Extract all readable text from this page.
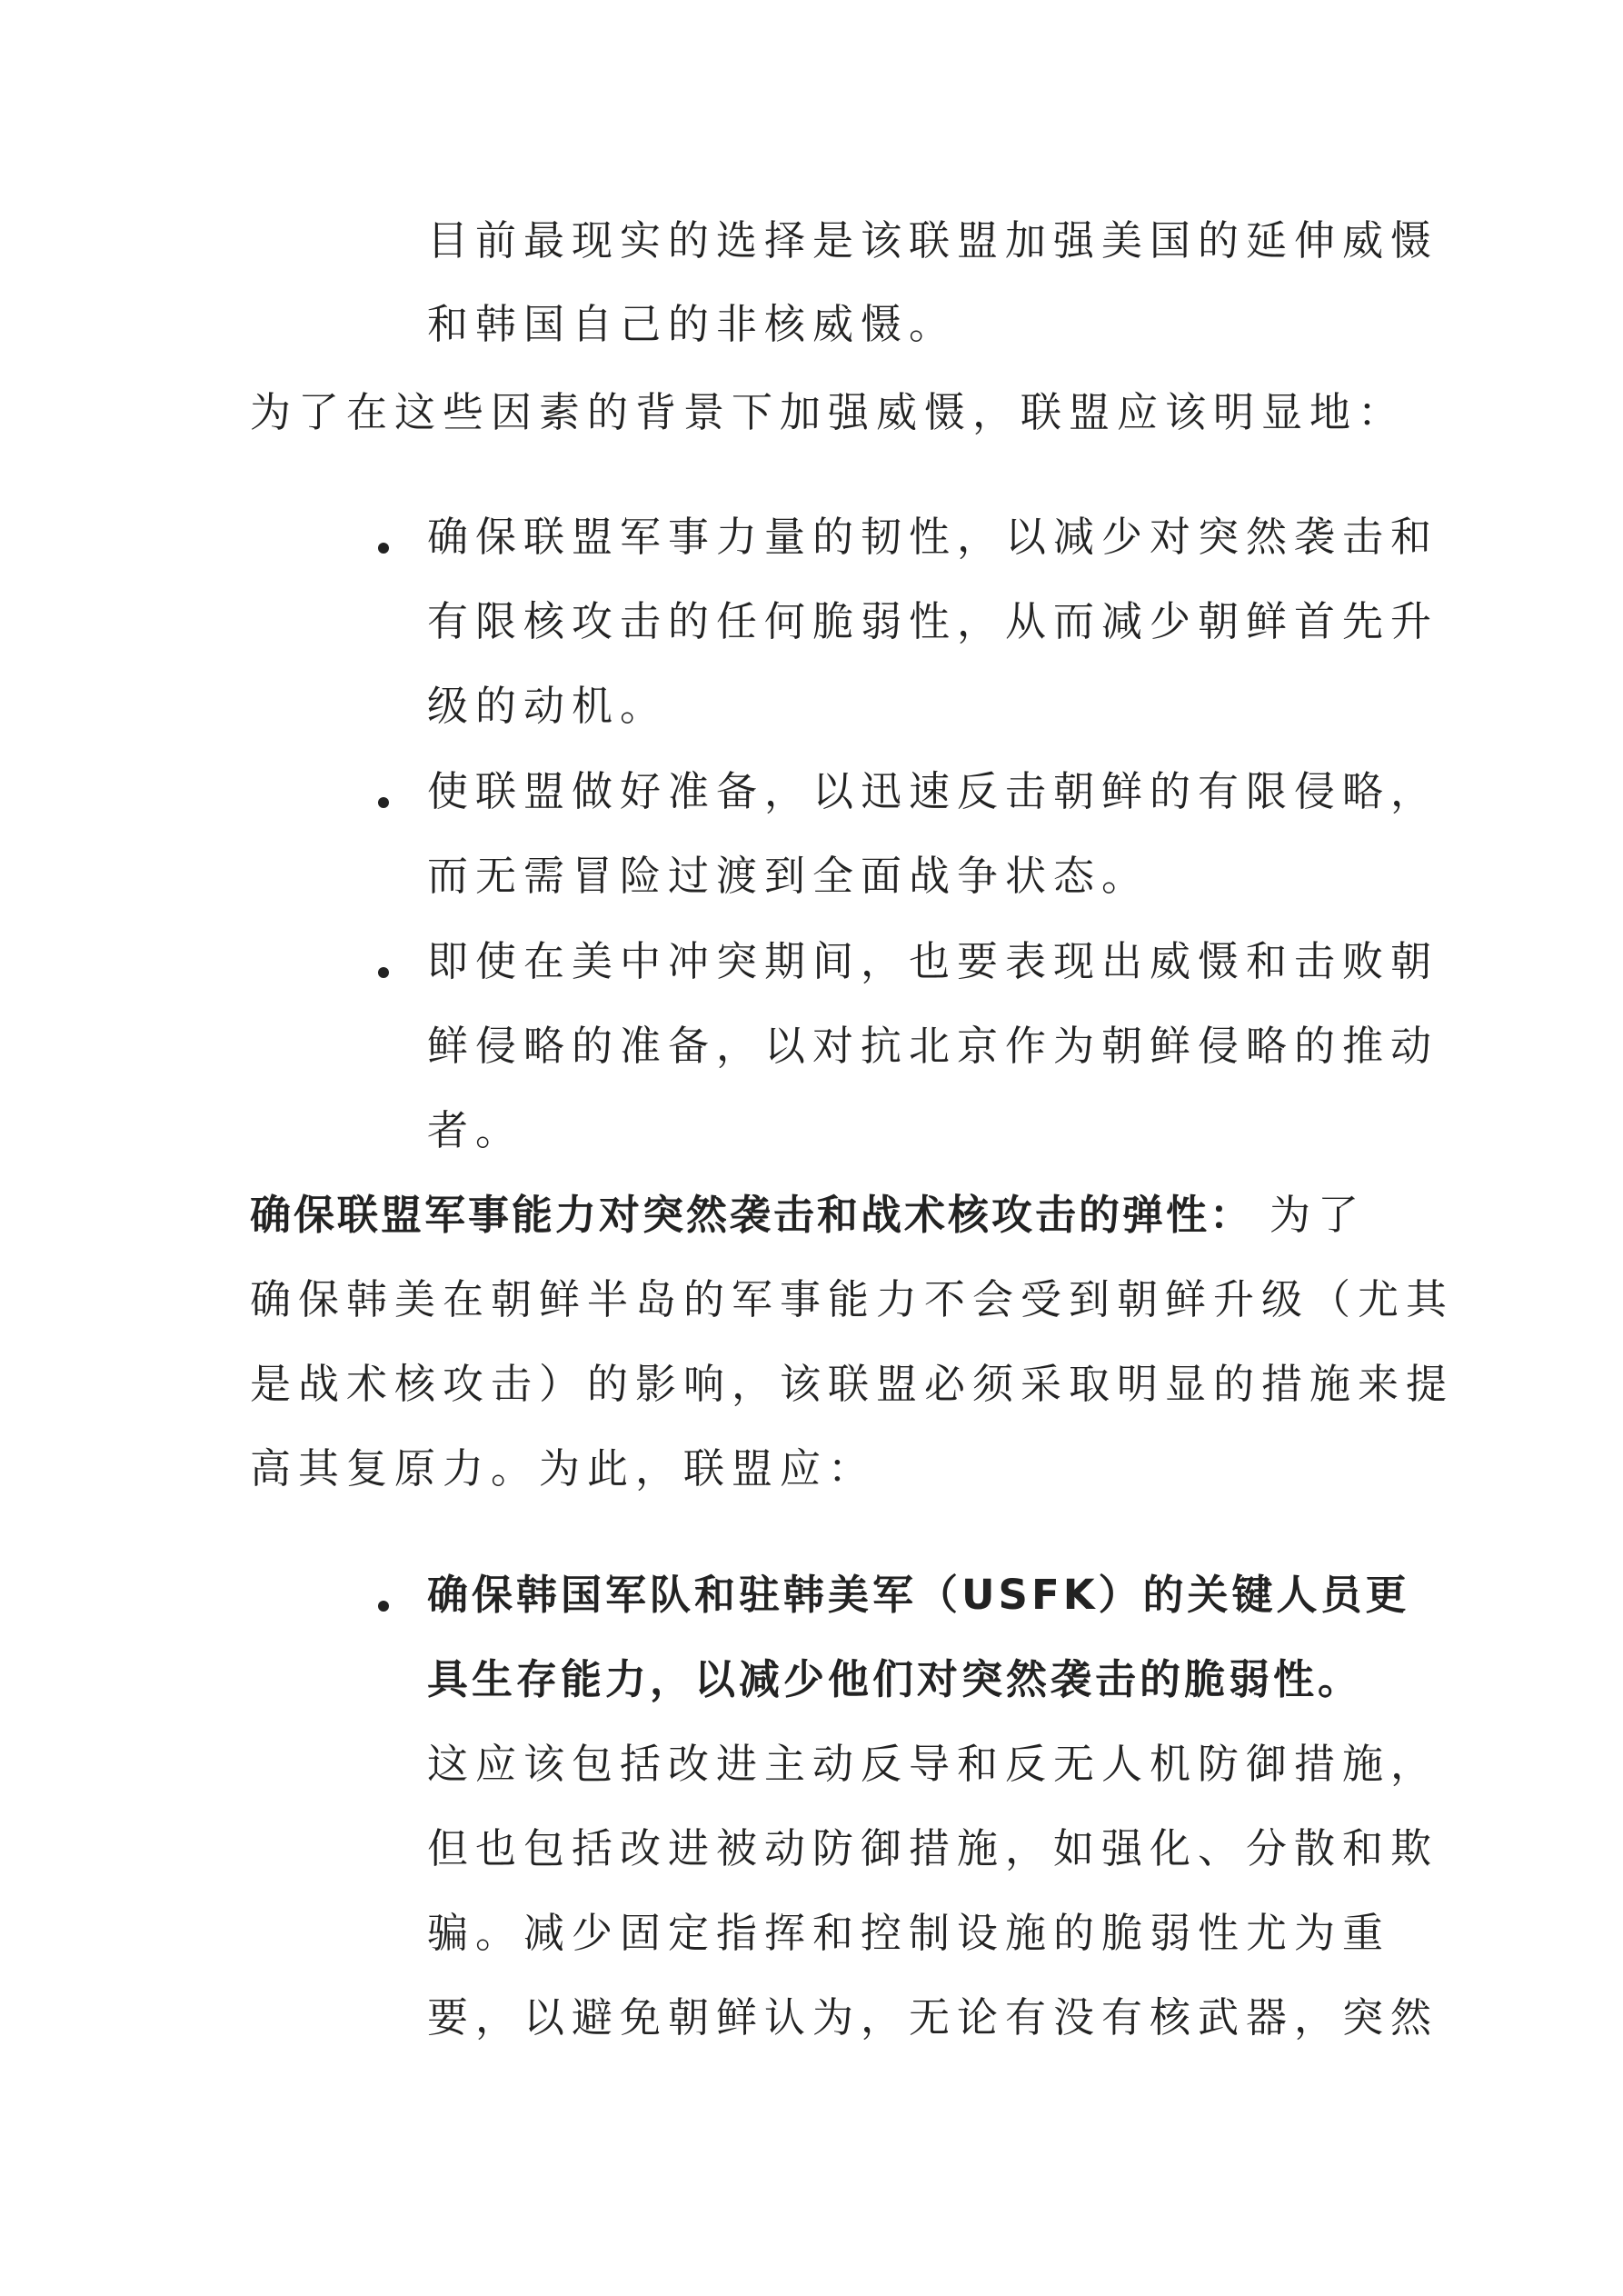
目前最现实的选择是该联盟加强美国的延伸威慑

和韩国自己的非核威慑。

为了在这些因素的背景下加强威慑，联盟应该明显地：

确保联盟军事力量的韧性，以减少对突然袭击和

有限核攻击的任何脆弱性，从而减少朝鲜首先升

级的动机。

使联盟做好准备，以迅速反击朝鲜的有限侵略，

而无需冒险过渡到全面战争状态。

即使在美中冲突期间，也要表现出威慑和击败朝

鲜侵略的准备，以对抗北京作为朝鲜侵略的推动

者。

确保联盟军事能力对突然袭击和战术核攻击的弹性： 为了

确保韩美在朝鲜半岛的军事能力不会受到朝鲜升级（尤其

是战术核攻击）的影响，该联盟必须采取明显的措施来提

高其复原力。为此，联盟应：

确保韩国军队和驻韩美军（USFK）的关键人员更

具生存能力，以减少他们对突然袭击的脆弱性。

这应该包括改进主动反导和反无人机防御措施，

但也包括改进被动防御措施，如强化、分散和欺

骗。减少固定指挥和控制设施的脆弱性尤为重

要，以避免朝鲜认为，无论有没有核武器，突然
